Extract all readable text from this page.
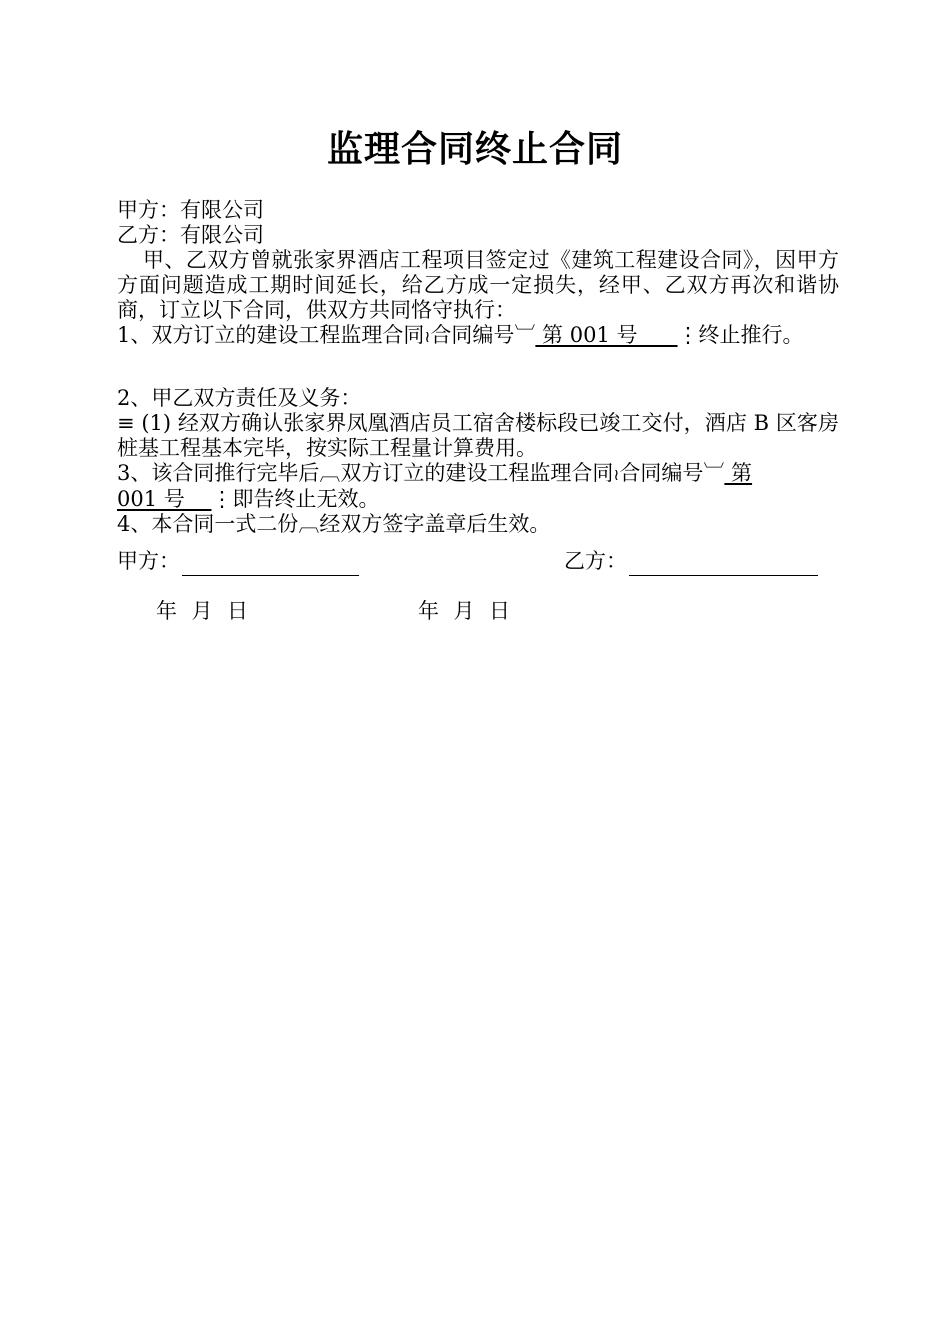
监理合同终止合同
甲方：有限公司
乙方：有限公司
甲、乙双方曾就张家界酒店工程项目签定过《建筑工程建设合同》，因甲方方面问题造成工期时间延长，给乙方成一定损失，经甲、乙双方再次和谐协商，订立以下合同，供双方共同恪守执行：
1、双方订立的建设工程监理合同≀合同编号︺ 第 001 号      ⋮终止推行。
2、甲乙双方责任及义务：
≡ (1) 经双方确认张家界凤凰酒店员工宿舍楼标段已竣工交付，酒店 B 区客房桩基工程基本完毕，按实际工程量计算费用。
3、该合同推行完毕后︹双方订立的建设工程监理合同≀合同编号︺ 第
001 号    ⋮即告终止无效。
4、本合同一式二份︹经双方签字盖章后生效。
甲方：	乙方：
年 月 日	年 月 日
